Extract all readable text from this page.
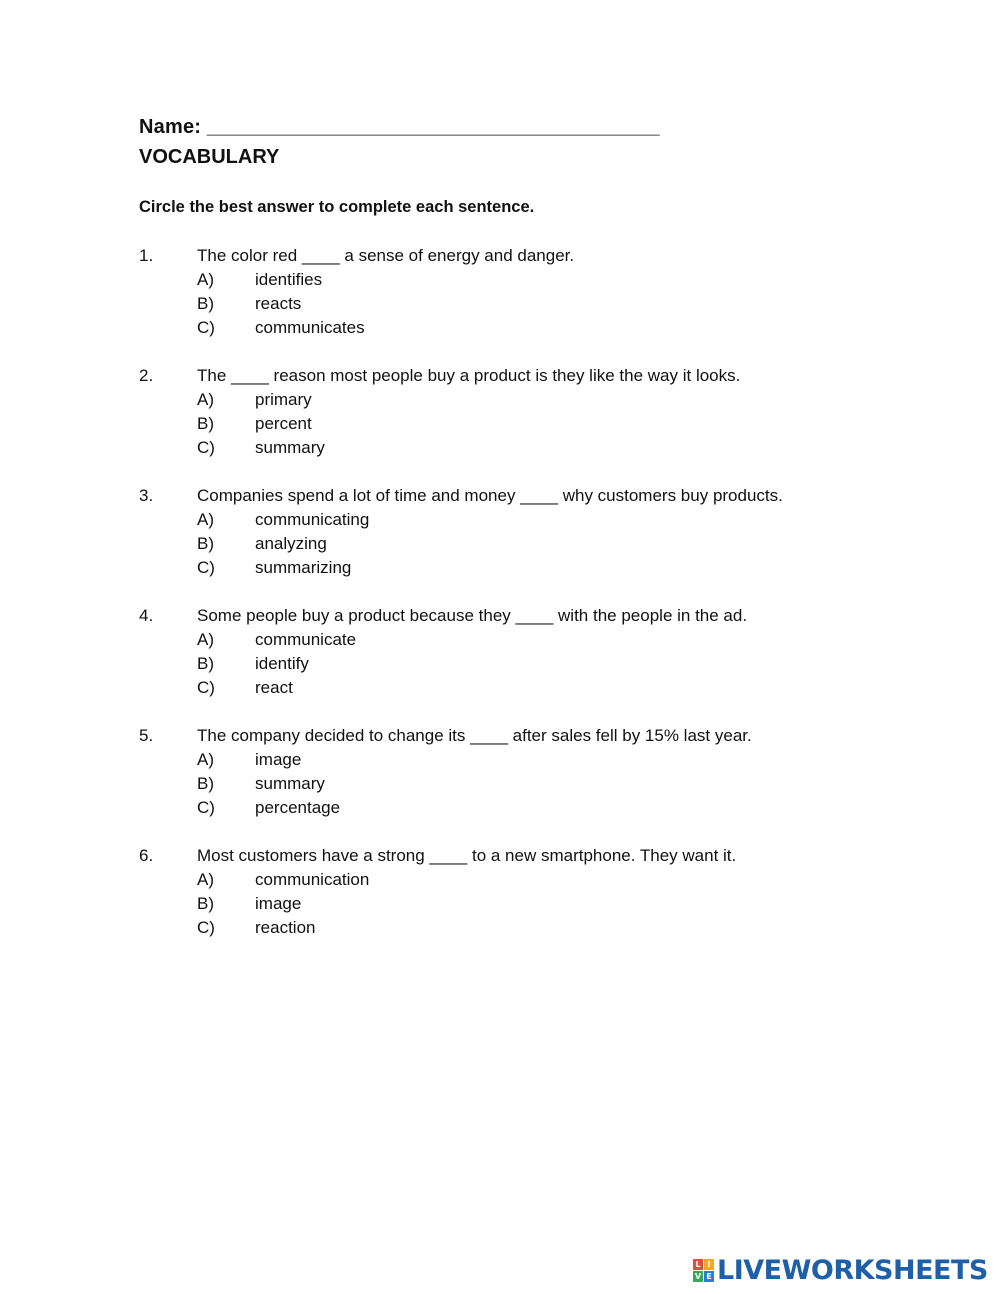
Name: ________________________________________
VOCABULARY
Circle the best answer to complete each sentence.
1.	The color red ____ a sense of energy and danger.
A) identifies
B) reacts
C) communicates
2.	The ____ reason most people buy a product is they like the way it looks.
A) primary
B) percent
C) summary
3.	Companies spend a lot of time and money ____ why customers buy products.
A) communicating
B) analyzing
C) summarizing
4.	Some people buy a product because they ____ with the people in the ad.
A) communicate
B) identify
C) react
5.	The company decided to change its ____ after sales fell by 15% last year.
A) image
B) summary
C) percentage
6.	Most customers have a strong ____ to a new smartphone. They want it.
A) communication
B) image
C) reaction
L I
V E LIVEWORKSHEETS
